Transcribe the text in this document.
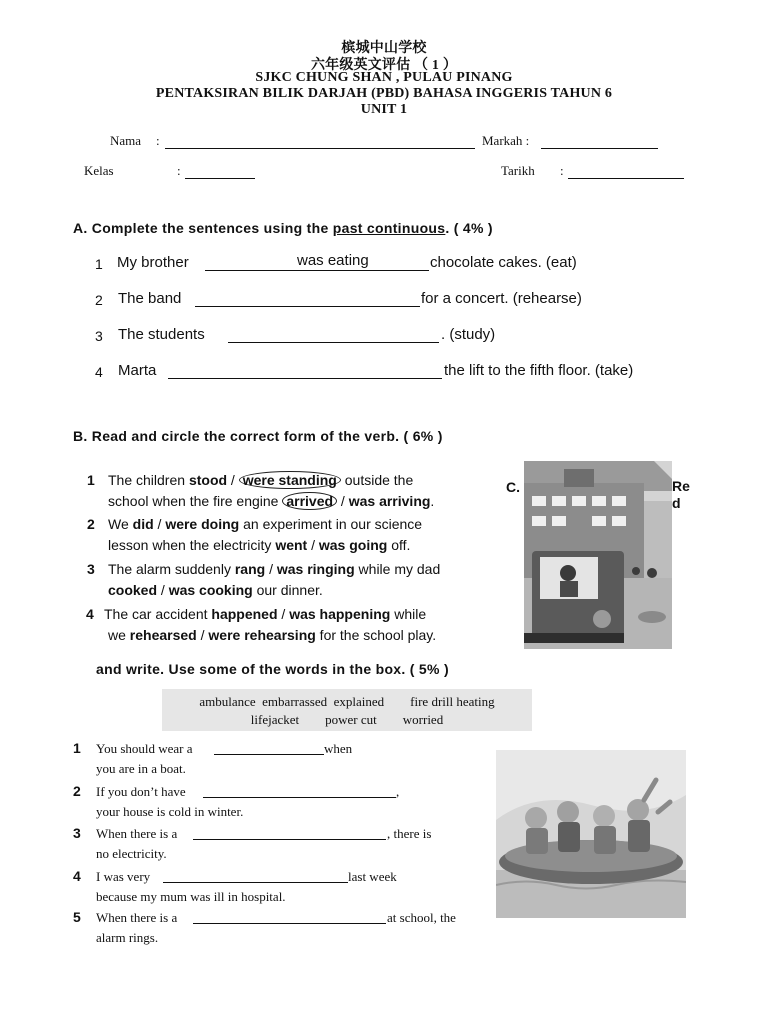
槟城中山学校
六年级英文评估 （ 1 ）
SJKC CHUNG SHAN , PULAU PINANG
PENTAKSIRAN BILIK DARJAH (PBD) BAHASA INGGERIS TAHUN 6
UNIT 1
Nama :	Markah :
Kelas	:	Tarikh :
A. Complete the sentences using the past continuous. ( 4% )
1 My brother	was eating	chocolate cakes. (eat)
2 The band	for a concert. (rehearse)
3 The students	. (study)
4 Marta	the lift to the fifth floor. (take)
B. Read and circle the correct form of the verb. ( 6% )
1 The children stood / were standing outside the
school when the fire engine arrived / was arriving.
2 We did / were doing an experiment in our science
lesson when the electricity went / was going off.
3 The alarm suddenly rang / was ringing while my dad
cooked / was cooking our dinner.
4 The car accident happened / was happening while
we rehearsed / were rehearsing for the school play.
C.	Re
d
and write. Use some of the words in the box. ( 5% )
ambulance  embarrassed  explained        fire drill heating
lifejacket        power cut        worried
1 You should wear a	when
you are in a boat.
2 If you don’t have	,
your house is cold in winter.
3 When there is a	, there is
no electricity.
4 I was very	last week
because my mum was ill in hospital.
5 When there is a	at school, the
alarm rings.
